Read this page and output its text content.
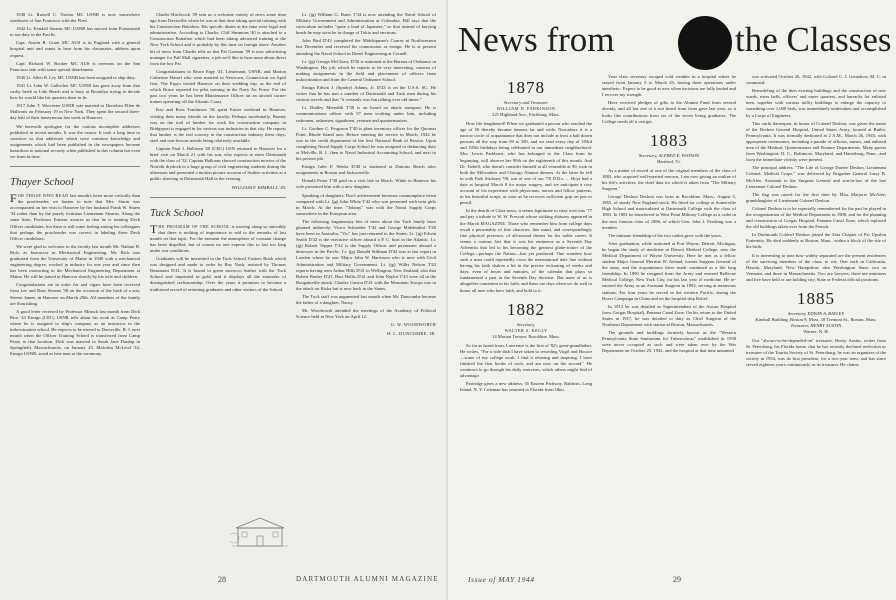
1938 Lt. Russell C. Norton MC USNR is now somewhere southwest of San Francisco with the Fleet.

1942 Lt. Kendall Stearns MC USNR has moved from Portsmouth to sea duty in the Pacific.

Capt. Austin R. Grant MC AUS is in England with a general hospital unit and wants to hear from his classmates, address upon request.

Capt. Richard W. Rooker MC AUS is overseas on the San Francisco side with some special detachment.

1940 Lt. Allen B. Ley MC USNR has been assigned to ship duty.

1941 Lt. John W. Gallocher MC USNR has gone away from that cushy berth at Lido Beach and is busy at Brooklyn trying to decide how he would like his quarters done in fir.

1917 John T. Worcester USNR was married to Dorothea Ellen de Malleraís on February 19 in New York. They spent the second three-day half of their honeymoon last week at Hanover.

We herewith apologize for the various incomplete addresses published in recent months. It was the censor. It took a long time to convince us that addresses which were common knowledge and assignments which had been published in the newspapers became hazardous to national security when published in this column but even we learn in time.

Thayer School

FOR THOSE WHO READ last month's letter more critically than the proofreader, we hasten to note that Mrs. Sturm was accompanied on her visit to Hanover by her husband Frank W. Sturm '34 rather than by the purely fictitious Lieutenant Stearns. Along the same lines, Professor Ermenc assures us that he is training Deck Officer candidates, but there is still some feeling among his colleagues that perhaps the proofreader was correct in labeling these Deck Officer candidates.

We were glad to welcome to the faculty last month Mr. Nathan H. Rich, as Instructor in Mechanical Engineering. Mr. Rich was graduated from the University of Maine in 1940 with a mechanical engineering degree, worked in industry for one year and since then has been instructing in the Mechanical Engineering Department at Maine. He will be joined in Hanover shortly by his wife and children.

Congratulations are in order for and cigars have been received from Lee and Russ Stearns '38 on the occasion of the birth of a son, Steven James, in Hanover on March 29th. All members of the family are flourishing.

A good letter received by Professor Minsch last month from Dick Rice '43 Ensign (CEC) USNR tells about his work at Camp Peary where he is assigned to ship's company as an instructor in the indoctrination school. He expects to be moved to Davisville, R. I. next month when the Officer Training School is transferred from Camp Peary to that location. Dick was married to Sarah Jane Dunlap in Springfield, Massachusetts, on January 25. Malcolm McLeod '44, Ensign USNR, acted as best man at the ceremony.

Charlie Hitchcock '39 sent us a welcome variety of news some time ago from Davisville where he was at that time taking special training with his Construction Battalion. His specific duties at the time were legal and administrative. According to Charlie, Cliff Simmons '40 is attached to a Construction Battalion which had been taking advanced training at the New York School and is probably by this time on foreign shore. Another bit of news from Charlie tells us that Pat Gorman '39 is now advertising manager for Pall Mall cigarettes, a job we'd like to hear more about direct from the boy Pat.

Congratulations to Bruce Espy '41, Lieutenant, USNR, and Marion Catherine Hassel who were married in Newtown, Connecticut on April first. The Espys visited Hanover on their wedding trip, as the end of which Bruce reported for pilot training in the Navy Air Force. For the past two years he has been Maintenance Officer on an aircraft carrier trainer operating off the Atlantic Coast.

Kay and Ross Tomlinson '36 spent Easter weekend in Hanover, visiting their many friends on the faculty. Perhaps incidentally, Barney was on the trail of lumber for work his construction company in Bridgeport is engaged in for various war industries in that city. He reports that lumber is the real scarcity in the construction industry these days, steel and non-ferrous metals being relatively available.

Captain Paul J. Halloran '20 (CEC) USN returned to Hanover for a brief visit on March 21 with his son, who expects to enter Dartmouth with the class of '52. Captain Halloran showed construction movies of the Norfolk drydock to a large group of civil engineering students during the afternoon and presented a motion picture account of Seabee activities at a public showing in Dartmouth Hall in the evening.

WILLIAM P. KIMBALL '29.
Tuck School

THE PROGRAM OF THE SCHOOL is moving along so smoothly that there is nothing of importance to add to the remarks of last month on that topic. For the moment the atmosphere of constant change has been dispelled, but of course no one expects this to last too long under war conditions.

Graduates will be interested in the Tuck School Visitors Book which was designed and made to order by Ray Nash, assisted by Thomas Beaumont D'41. It is bound in green morocco leather with the Tuck School seal imprinted in gold, and it displays all the earmarks of distinguished craftsmanship. Over the years it promises to become a traditional record of returning graduates and other visitors of the School.

Lt. (jg) William G. Bates T'34 is now attending the Naval School of Military Government and Administration at Columbia. Bill says that the curriculum includes "quite a load of Japanese," so that instead of burying heads he may soon be in charge of Tokio and environs.

John Bird D'43 completed the Midshipman's Course at Northwestern last December and received his commission as ensign. He is at present attending the Naval School in Diesel Engineering at Cornell.

Lt. (jg) George McCleary D'36 is stationed at the Bureau of Ordnance in Washington. His job, which he reports to be very interesting, consists of making assignments in the field and placements of officers from indoctrination and from the General Ordnance School.

Ensign Edwin J. (Sparky) Adams, Jr. D'43 is on the U.S.S. SC. He writes that he has met a number of Dartmouth and Tuck men during his various travels and that "it certainly was fun talking over old times."

Lt. Dudley Meredith T'38 is on board an attack transport. He is communications officer with 57 men working under him, including radiomen, radarmen, signalmen, yeomen and quartermasters.

Lt. Gardner C. Ferguson T'40 is plant inventory officer for the Quonset Point, Rhode Island area. Before entering the service in March, 1942 he was in the credit department of the first National Bank of Boston. Upon completing Naval Supply Corps School he was assigned to disbursing duty at Melville, R. I., then to Naval Industrial Accounting School, and next to his present job.

Ensign Jules F. Weeks D'40 is stationed at Dutrons Beach after assignments in Boston and Jacksonville.

Donald Pease T'38 paid us a visit late in March. While in Hanover his wife presented him with a new daughter.

Speaking of daughters. Don't achievement becomes commonplace when compared with Lt. (jg) John White T'42 who was presented with twin girls in March. At the time, "Johnny" was with the Naval Supply Corps somewhere in the European area.

The following fragmentary bits of news about the Tuck family have gleaned indirectly: Victor Schneider T'42 and George Middendorf T'40 have been in Australia; "Vic" has just returned to the States. Lt. (jg) Edwin Smith D'42 is the executive officer aboard a P. C. boat in the Atlantic. Lt. (jg) Robert Tepper T'42 is the Supply Officer and paymaster aboard a destroyer in the Pacific. Lt. (jg) Donald Stillman D'42 was at last report in London where he saw Major John W. Harrisson who is now with Civil Administration and Military Government. Lt. (jg) Willis Nelson T'42 reports having seen Arthur Hills D'41 in Wellington, New Zealand; also that Robert Barber D'41, Burt Hollis D'41 and John Naylor T'43 were all in the Bougainville attack. Charles Carson D'41 with the Mountain Troops was in the attack on Kiska but is now back in the States.

The Tuck staff was augmented last month when Mr. Duncombe became the father of a daughter, Nancy.

Mr. Woodworth attended the meetings of the Academy of Political Science held in New York on April 12.

G. W. WOODWORTH
H. L. DUNCOMBE, JR.
28	DARTMOUTH ALUMNI MAGAZINE
1878
Secretary and Treasurer
WILLIAM D. PARKINSON
321 Highland Ave., Fitchburg, Mass.

How life lengthened! When we graduated a person who reached the age of 50 thereby became famous far and wide. Nowadays it is a narrow circle of acquaintance that does not include at least a half dozen persons all the way from 90 to 100, and we read every day of 103rd and 105th birthdays being celebrated in our immediate neighborhood. Mrs. Lewis Parkhurst, who has belonged to the Class from its beginning, will observe her 90th on the eighteenth of this month. And Dr. Tarbell, who doesn't consider himself at all venerable at 90, took in both the Milwaukee and Chicago Alumni dinners. At the latter he fell in with Park Stickney '98, son of one of our '78 D.D.s. ... Hoyt had a date at hospital March 8 for major surgery, and we anticipate a rosy account of his experience with physicians, nurses and fellow patients, in his beautiful script, as soon as he recovers sufficient grip on pen or pencil.

In the dearth of Class news, it seems legitimate to stray over into '77 and pay a tribute to W. W. Prescott whose striking obituary appeared in the March MAGAZINE. Those who remember him from college days recall a personality of fine character, fine mind, and correspondingly fine physical presence, of all-around fitness for his noble career. It seems a curious fact that it was his eminence as a Seventh Day Adventist that led to his becoming the greatest globe-trotter of the College—perhaps the Nation—has yet produced. One wonders how such a man could repeatedly cross the international date line without having his faith shaken a bit in the precise reckoning of weeks and days, even of hours and minutes, of the calendar that plays so fundamental a part in the Seventh Day doctrine. But none of us is altogether consistent in his faith, and these are days when we do well to honor all men who have faith, and hold to it.

1882
Secretary,
WALTER S. KELLY
14 Marion Terrace, Brookline, Mass.

So far as heard from, Lawrence is the first of '82's great-grandfather. He writes, "For a side dish I have taken to reweding Virgil and Horace—some of my college work. I find it relaxing and inspiring. I have finished the first books of each, and am now on the second." He continues to go through his daily exercises, which others might find of advantage.

Partridge gives a new address: 35 Eastern Parkway, Baldwin, Long Island, N. Y. Coleman has returned to Florida from Ohio.

Your class secretary escaped cold weather in a hospital where he stayed from January 5 to March 25; having three operations under anesthetic. Expect to be good as new when incisions are fully healed and I recover my strength.

Have received pledges of gifts to the Alumni Fund from several already, and all but one of it not heard from from gave last year, so it looks like contributions from six of the seven living graduates. The College needs all it can get.

1883
Secretary, ALFRED E. WATSON
Hartford, Vt.

As a matter of record of one of the original members of the class of 1883, who acquired well-merited renown, I am now giving an outline of his life's activities, the chief data for which is taken from "The Military Surgeon."

George Deshon Deshon was born in Brookline, Mass., August 5, 1865, of sturdy New England stock. He fitted for college at Somerville High School and matriculated at Dartmouth College with the class of 1883. In 1881 he transferred to West Point Military College as a cadet in the now famous class of 1886, of which Gen. John J. Pershing was a member.

The intimate friendship of the two cadets grew with the years.

After graduation, while stationed at Fort Wayne, Detroit, Michigan, he began the study of medicine at Detroit Medical College, now the Medical Department of Wayne University. Here he met as a fellow student Major General Merritte W. Ireland, former Surgeon General of the army, and the acquaintance there made continued as a life long friendship. In 1890 he resigned from the Army and entered Bellevue Medical College, New York City, for his last year of medicine. He re-entered the Army as an Assistant Surgeon in 1892, serving at numerous stations. For four years he served in the western Pacific, during the Boxer Campaign in China and on the hospital ship Relief.

In 1913 he was detailed as Superintendent of the Ancon Hospital (now Gorgas Hospital), Panama Canal Zone. On his return to the United States in 1917, he was detailed to duty as Chief Surgeon of the Northeast Department with station at Boston, Massachusetts.

The grounds and buildings formerly known as the "Western Pennsylvania State Sanitarium for Tuberculosis" established in 1938 were never occupied as such and were taken over by the War Department on October 25, 1942, and the hospital at that time unnamed

was activated October 26, 1942, with Colonel C. J. Gentzkow, M. C. in command.

Remodeling of the then existing buildings and the construction of new wards, mess halls, officers' and nurse quarters, and barracks for enlisted men, together with various utility buildings to enlarge the capacity to something over 1,000 beds, was immediately undertaken and accomplished by a Corps of Engineers.

This outfit thereupon, in honor of Colonel Deshon, was given the name of the Deshon General Hospital, United States Army, located at Butler, Pennsylvania. It was formally dedicated at 2 A.M., March 26, 1943, with appropriate ceremonies, including a parade of officers, nurses, and enlisted men of the Medical, Quartermaster and Finance Departments. Many guests from Washington, D. C., Baltimore, Maryland, and Harrisburg, Penn., and from the immediate vicinity were present.

The principal address, "The Life of George Durfee Deshon, Lieutenant Colonel, Medical Corps," was delivered by Brigadier General Larry B. McAfee, Assistant to the Surgeon General and son-in-law of the late Lieutenant Colonel Deshon.

The flag was raised for the first time by Miss Marjorie McAfee, granddaughter of Lieutenant Colonel Deshon.

Colonel Deshon is to be especially remembered for the part he played in the reorganization of the Medical Department in 1908, and for the planning and construction of Gorgas Hospital, Panama Canal Zone, which replaced the old buildings taken over from the French.

In Dartmouth Colonel Deshon joined the Zeta Chapter of Psi Upsilon Fraternity. He died suddenly at Boston, Mass., within a block of the site of his birth.

It is interesting to note how widely separated are the present residences of the surviving members of the class, to wit: One each in California, Hawaii, Maryland, New Hampshire; also Washington State; two in Vermont; and three in Massachusetts. Two are lawyers, three are ministers and five have held or are holding city, State or Federal official positions.

1885
Secretary, EDWIN A. BAYLEY
Kimball Building, Boston 9, Mass. 18 Tremont St., Boston, Mass.
Treasurer, HENRY AUSTIN
Warner, N. H.

Our "always-to-be-depended-on" treasurer, Henry Austin, writes from St. Petersburg, his Florida home, that he has recently declined reelection as treasurer of the Tourist Society of St. Petersburg; he was an organizer of the society in 1934, was its first president, for a two-year term, and has since served eighteen years continuously as its treasurer. He claims

Issue of MAY 1944	29
News from	the Classes
